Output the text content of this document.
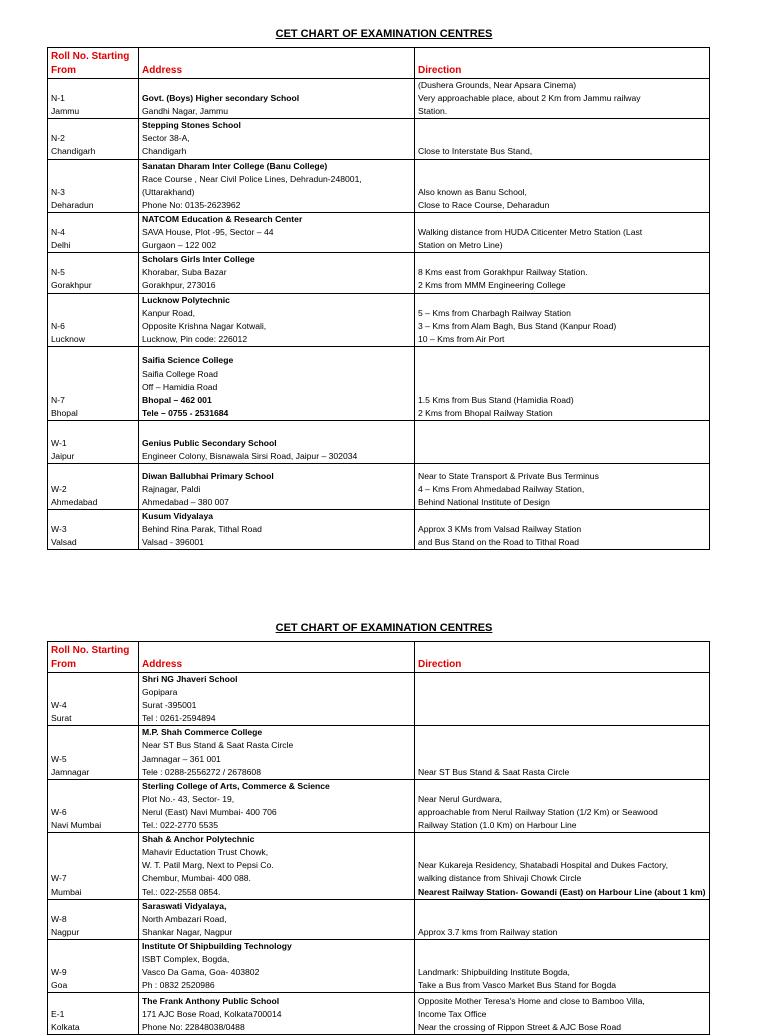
CET CHART OF EXAMINATION CENTRES
Roll No. Starting
From	Address	Direction

N-1
Jammu	Govt. (Boys) Higher secondary School
Gandhi Nagar, Jammu	(Dushera Grounds, Near Apsara Cinema)
Very approachable place, about 2 Km from Jammu railway
Station.

N-2
Chandigarh	Stepping Stones School
Sector 38-A,
Chandigarh	Close to Interstate Bus Stand,

N-3
Deharadun	Sanatan Dharam Inter College (Banu College)
Race Course , Near Civil Police Lines, Dehradun-248001,
(Uttarakhand)
Phone No: 0135-2623962	Also known as Banu School,
Close to Race Course, Deharadun

N-4
Delhi	NATCOM Education & Research Center
SAVA House, Plot -95, Sector – 44
Gurgaon – 122 002	Walking distance from HUDA Citicenter Metro Station (Last
Station on Metro Line)

N-5
Gorakhpur	Scholars Girls Inter College
Khorabar, Suba Bazar
Gorakhpur, 273016	8 Kms east from Gorakhpur Railway Station.
2 Kms from MMM Engineering College

N-6
Lucknow	Lucknow Polytechnic
Kanpur Road,
Opposite Krishna Nagar Kotwali,
Lucknow, Pin code: 226012	5 – Kms from Charbagh Railway Station
3 – Kms from Alam Bagh, Bus Stand (Kanpur Road)
10 – Kms from Air Port

N-7
Bhopal	Saifia Science College
Saifia College Road
Off – Hamidia Road
Bhopal – 462 001
Tele – 0755 - 2531684	1.5 Kms from Bus Stand (Hamidia Road)
2 Kms from Bhopal Railway Station

W-1
Jaipur	Genius Public Secondary School
Engineer Colony, Bisnawala Sirsi Road, Jaipur – 302034	

W-2
Ahmedabad	Diwan Ballubhai Primary School
Rajnagar, Paldi
Ahmedabad – 380 007	Near to State Transport & Private Bus Terminus
4 – Kms From Ahmedabad Railway Station,
Behind National Institute of Design

W-3
Valsad	Kusum Vidyalaya
Behind Rina Parak, Tithal Road
Valsad - 396001	Approx 3 KMs from Valsad Railway Station
and Bus Stand on the Road to Tithal Road
CET CHART OF EXAMINATION CENTRES
Roll No. Starting
From	Address	Direction

W-4
Surat	Shri NG Jhaveri School
Gopipara
Surat -395001
Tel : 0261-2594894	

W-5
Jamnagar	M.P. Shah Commerce College
Near ST Bus Stand & Saat Rasta Circle
Jamnagar – 361 001
Tele : 0288-2556272 / 2678608	Near ST Bus Stand & Saat Rasta Circle

W-6
Navi Mumbai	Sterling College of Arts, Commerce & Science
Plot No.- 43, Sector- 19,
Nerul (East) Navi Mumbai- 400 706
Tel.: 022-2770 5535	Near Nerul Gurdwara,
approachable from Nerul Railway Station (1/2 Km) or Seawood
Railway Station (1.0 Km) on Harbour Line

W-7
Mumbai	Shah & Anchor Polytechnic
Mahavir Eductation Trust Chowk,
W. T. Patil Marg, Next to Pepsi Co.
Chembur, Mumbai- 400 088.
Tel.: 022-2558 0854.	Near Kukareja Residency, Shatabadi Hospital and Dukes Factory,
walking distance from Shivaji Chowk Circle
Nearest Railway Station- Gowandi (East) on Harbour Line (about 1 km)

W-8
Nagpur	Saraswati Vidyalaya,
North Ambazari Road,
Shankar Nagar, Nagpur	Approx 3.7 kms from Railway station

W-9
Goa	Institute Of Shipbuilding Technology
ISBT Complex, Bogda,
Vasco Da Gama, Goa- 403802
Ph : 0832 2520986	Landmark: Shipbuilding Institute Bogda,
Take a Bus from Vasco Market Bus Stand for Bogda

E-1
Kolkata	The Frank Anthony Public School
171 AJC Bose Road, Kolkata700014
Phone No: 22848038/0488	Opposite Mother Teresa's Home and close to Bamboo Villa,
Income Tax Office
Near the crossing of Rippon Street & AJC Bose Road
